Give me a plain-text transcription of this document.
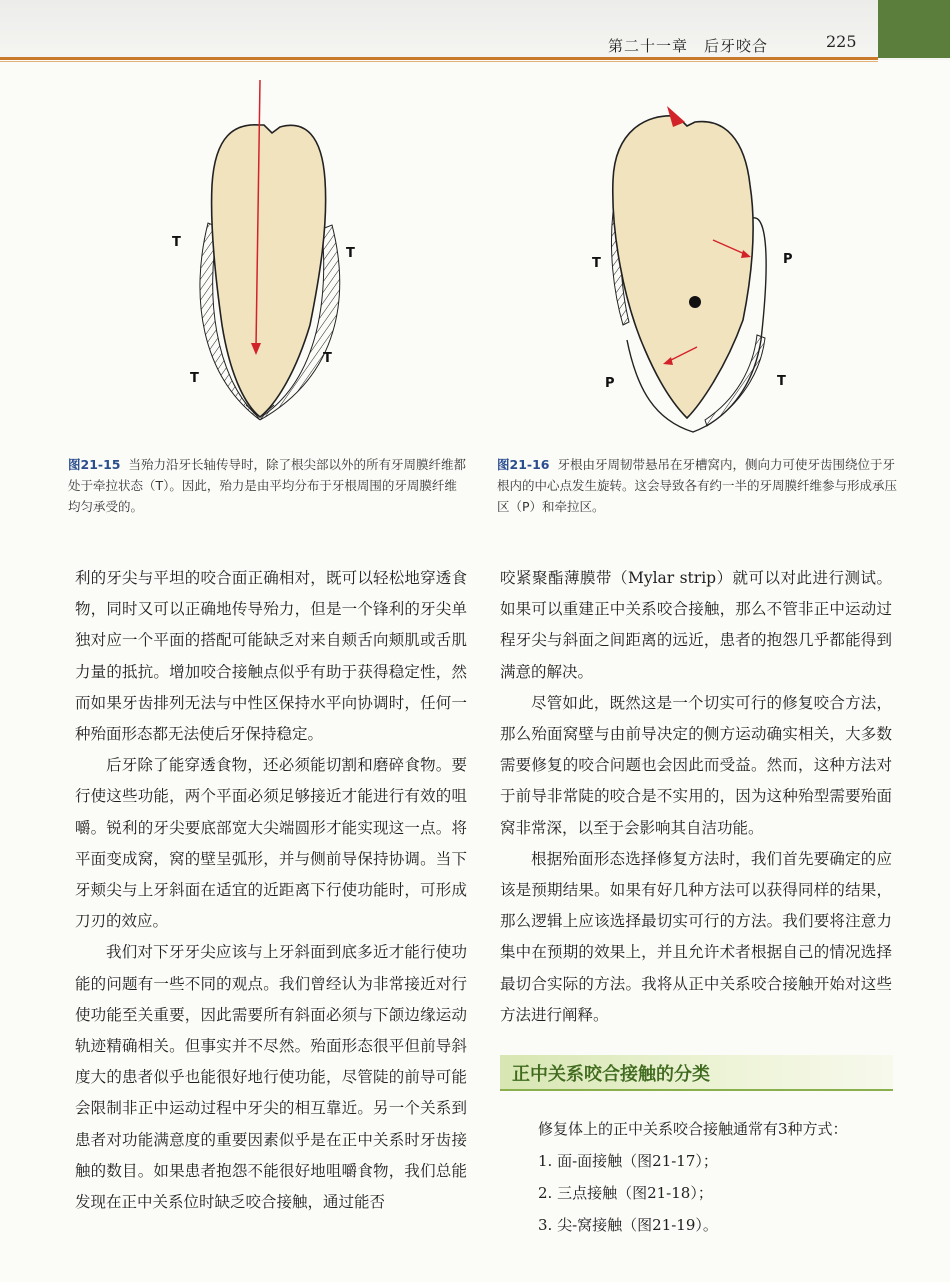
第二十一章　后牙咬合	225
T
T
T
T
T	P
P	T
图21-15 当殆力沿牙长轴传导时，除了根尖部以外的所有牙周膜纤维都处于牵拉状态（T）。因此，殆力是由平均分布于牙根周围的牙周膜纤维均匀承受的。
图21-16 牙根由牙周韧带悬吊在牙槽窝内，侧向力可使牙齿围绕位于牙根内的中心点发生旋转。这会导致各有约一半的牙周膜纤维参与形成承压区（P）和牵拉区。

利的牙尖与平坦的咬合面正确相对，既可以轻松地穿透食物，同时又可以正确地传导殆力，但是一个锋利的牙尖单独对应一个平面的搭配可能缺乏对来自颊舌向颊肌或舌肌力量的抵抗。增加咬合接触点似乎有助于获得稳定性，然而如果牙齿排列无法与中性区保持水平向协调时，任何一种殆面形态都无法使后牙保持稳定。

后牙除了能穿透食物，还必须能切割和磨碎食物。要行使这些功能，两个平面必须足够接近才能进行有效的咀嚼。锐利的牙尖要底部宽大尖端圆形才能实现这一点。将平面变成窝，窝的壁呈弧形，并与侧前导保持协调。当下牙颊尖与上牙斜面在适宜的近距离下行使功能时，可形成刀刃的效应。

我们对下牙牙尖应该与上牙斜面到底多近才能行使功能的问题有一些不同的观点。我们曾经认为非常接近对行使功能至关重要，因此需要所有斜面必须与下颌边缘运动轨迹精确相关。但事实并不尽然。殆面形态很平但前导斜度大的患者似乎也能很好地行使功能，尽管陡的前导可能会限制非正中运动过程中牙尖的相互靠近。另一个关系到患者对功能满意度的重要因素似乎是在正中关系时牙齿接触的数目。如果患者抱怨不能很好地咀嚼食物，我们总能发现在正中关系位时缺乏咬合接触，通过能否

咬紧聚酯薄膜带（Mylar strip）就可以对此进行测试。如果可以重建正中关系咬合接触，那么不管非正中运动过程牙尖与斜面之间距离的远近，患者的抱怨几乎都能得到满意的解决。

尽管如此，既然这是一个切实可行的修复咬合方法，那么殆面窝壁与由前导决定的侧方运动确实相关，大多数需要修复的咬合问题也会因此而受益。然而，这种方法对于前导非常陡的咬合是不实用的，因为这种殆型需要殆面窝非常深，以至于会影响其自洁功能。

根据殆面形态选择修复方法时，我们首先要确定的应该是预期结果。如果有好几种方法可以获得同样的结果，那么逻辑上应该选择最切实可行的方法。我们要将注意力集中在预期的效果上，并且允许术者根据自己的情况选择最切合实际的方法。我将从正中关系咬合接触开始对这些方法进行阐释。

正中关系咬合接触的分类
修复体上的正中关系咬合接触通常有3种方式：
1. 面-面接触（图21-17）；
2. 三点接触（图21-18）；
3. 尖-窝接触（图21-19）。
